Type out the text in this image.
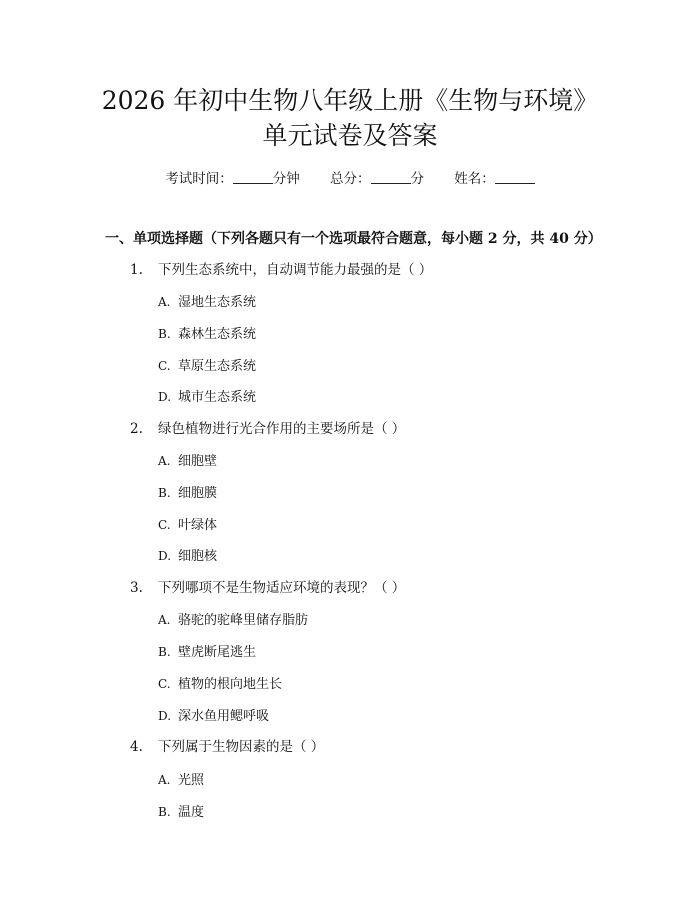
2026 年初中生物八年级上册《生物与环境》
单元试卷及答案
考试时间：	分钟 总分：	分 姓名：
一、单项选择题（下列各题只有一个选项最符合题意，每小题 2 分，共 40 分）
1. 下列生态系统中，自动调节能力最强的是（ ）
A. 湿地生态系统
B. 森林生态系统
C. 草原生态系统
D. 城市生态系统
2. 绿色植物进行光合作用的主要场所是（ ）
A. 细胞壁
B. 细胞膜
C. 叶绿体
D. 细胞核
3. 下列哪项不是生物适应环境的表现？（ ）
A. 骆驼的驼峰里储存脂肪
B. 壁虎断尾逃生
C. 植物的根向地生长
D. 深水鱼用鳃呼吸
4. 下列属于生物因素的是（ ）
A. 光照
B. 温度
